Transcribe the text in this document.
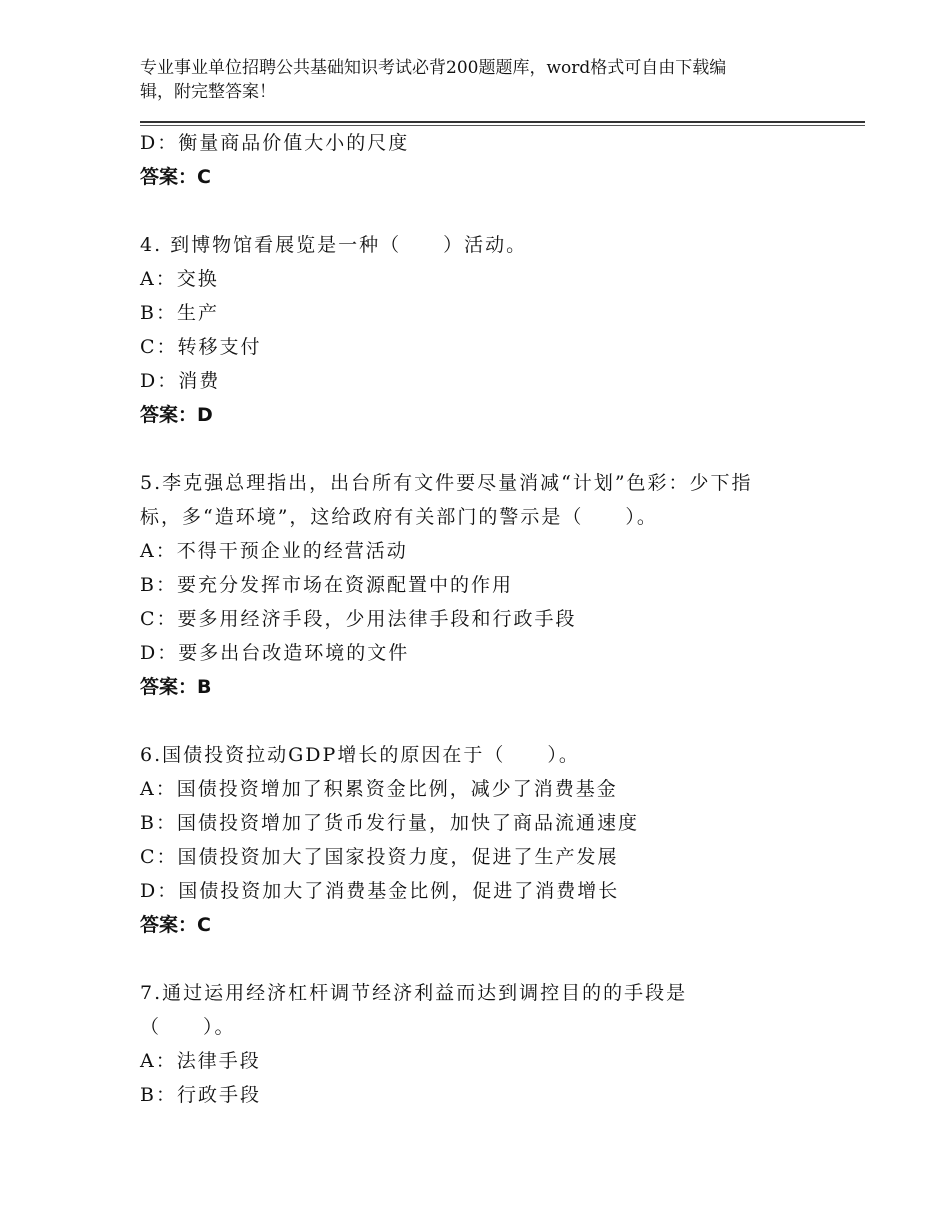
专业事业单位招聘公共基础知识考试必背200题题库，word格式可自由下载编
辑，附完整答案！
D：衡量商品价值大小的尺度
答案：C
4. 到博物馆看展览是一种（　　）活动。
A：交换
B：生产
C：转移支付
D：消费
答案：D
5.李克强总理指出，出台所有文件要尽量消减“计划”色彩：少下指
标，多“造环境”，这给政府有关部门的警示是（　　）。
A：不得干预企业的经营活动
B：要充分发挥市场在资源配置中的作用
C：要多用经济手段，少用法律手段和行政手段
D：要多出台改造环境的文件
答案：B
6.国债投资拉动GDP增长的原因在于（　　）。
A：国债投资增加了积累资金比例，减少了消费基金
B：国债投资增加了货币发行量，加快了商品流通速度
C：国债投资加大了国家投资力度，促进了生产发展
D：国债投资加大了消费基金比例，促进了消费增长
答案：C
7.通过运用经济杠杆调节经济利益而达到调控目的的手段是
（　　）。
A：法律手段
B：行政手段
